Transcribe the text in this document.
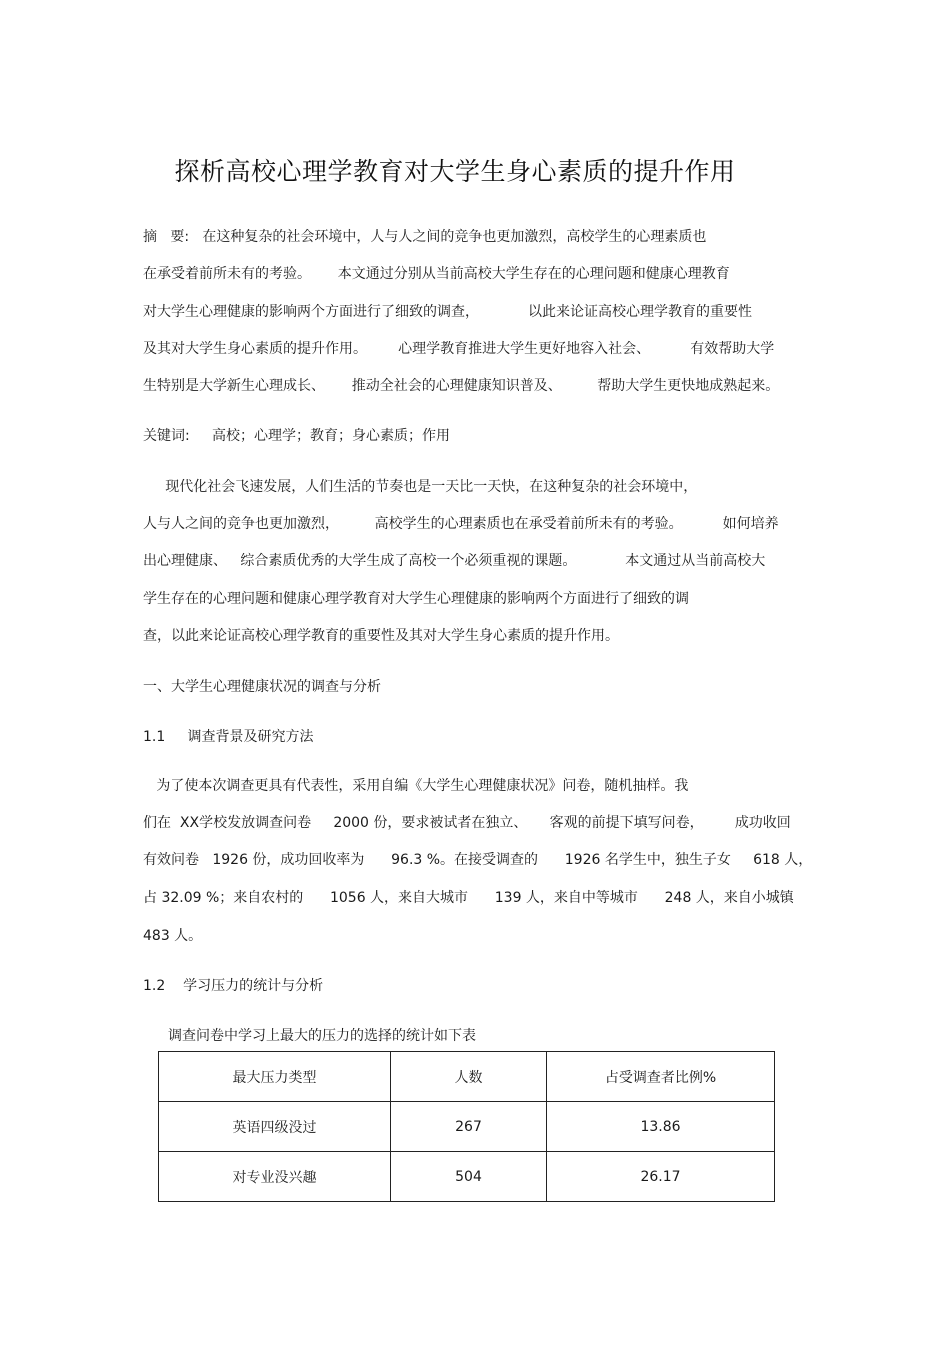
探析高校心理学教育对大学生身心素质的提升作用
摘   要:   在这种复杂的社会环境中，人与人之间的竞争也更加激烈，高校学生的心理素质也
在承受着前所未有的考验。      本文通过分别从当前高校大学生存在的心理问题和健康心理教育
对大学生心理健康的影响两个方面进行了细致的调查，           以此来论证高校心理学教育的重要性
及其对大学生身心素质的提升作用。       心理学教育推进大学生更好地容入社会、         有效帮助大学
生特别是大学新生心理成长、      推动全社会的心理健康知识普及、        帮助大学生更快地成熟起来。
关键词:     高校；心理学；教育；身心素质；作用
现代化社会飞速发展，人们生活的节奏也是一天比一天快，在这种复杂的社会环境中，
人与人之间的竞争也更加激烈，        高校学生的心理素质也在承受着前所未有的考验。         如何培养
出心理健康、   综合素质优秀的大学生成了高校一个必须重视的课题。           本文通过从当前高校大
学生存在的心理问题和健康心理学教育对大学生心理健康的影响两个方面进行了细致的调
查，以此来论证高校心理学教育的重要性及其对大学生身心素质的提升作用。
一、大学生心理健康状况的调查与分析
1.1     调查背景及研究方法
为了使本次调查更具有代表性，采用自编《大学生心理健康状况》问卷，随机抽样。我
们在  XX学校发放调查问卷     2000 份，要求被试者在独立、     客观的前提下填写问卷，       成功收回
有效问卷   1926 份，成功回收率为      96.3 %。在接受调查的      1926 名学生中，独生子女     618 人，
占 32.09 %；来自农村的      1056 人，来自大城市      139 人，来自中等城市      248 人，来自小城镇
483 人。
1.2    学习压力的统计与分析
调查问卷中学习上最大的压力的选择的统计如下表
最大压力类型	人数	占受调查者比例%
英语四级没过	267	13.86
对专业没兴趣	504	26.17
